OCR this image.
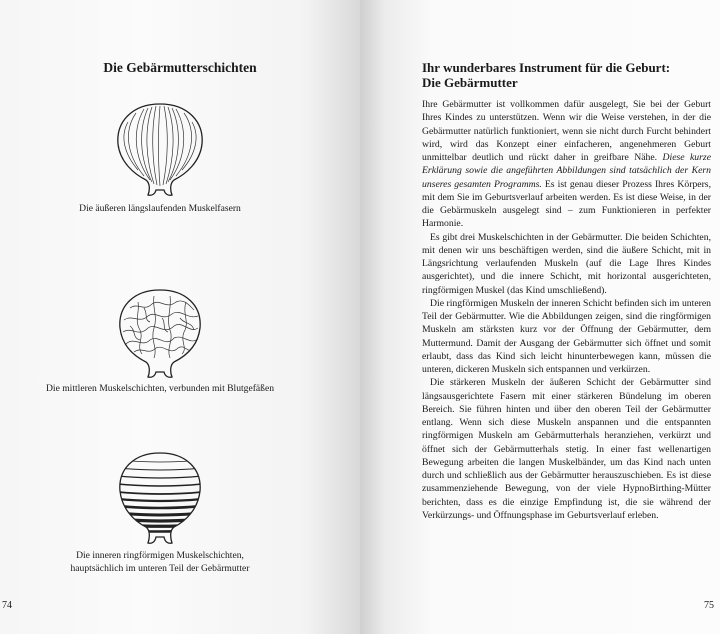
Die Gebärmutterschichten
Die äußeren längslaufenden Muskelfasern
Die mittleren Muskelschichten, verbunden mit Blutgefäßen
Die inneren ringförmigen Muskelschichten,
hauptsächlich im unteren Teil der Gebärmutter
74
Ihr wunderbares Instrument für die Geburt:
Die Gebärmutter

Ihre Gebärmutter ist vollkommen dafür ausgelegt, Sie bei der Geburt Ihres Kindes zu unterstützen. Wenn wir die Weise verstehen, in der die Gebärmutter natürlich funktioniert, wenn sie nicht durch Furcht behindert wird, wird das Konzept einer einfacheren, angenehmeren Geburt unmittelbar deutlich und rückt daher in greifbare Nähe. Diese kurze Erklärung sowie die angeführten Abbildungen sind tatsächlich der Kern unseres gesamten Programms. Es ist genau dieser Prozess Ihres Körpers, mit dem Sie im Geburtsverlauf arbeiten werden. Es ist diese Weise, in der die Gebärmuskeln ausgelegt sind – zum Funktionieren in perfekter Harmonie.

Es gibt drei Muskelschichten in der Gebärmutter. Die beiden Schichten, mit denen wir uns beschäftigen werden, sind die äußere Schicht, mit in Längsrichtung verlaufenden Muskeln (auf die Lage Ihres Kindes ausgerichtet), und die innere Schicht, mit horizontal ausgerichteten, ringförmigen Muskel (das Kind umschließend).

Die ringförmigen Muskeln der inneren Schicht befinden sich im unteren Teil der Gebärmutter. Wie die Abbildungen zeigen, sind die ringförmigen Muskeln am stärksten kurz vor der Öffnung der Gebärmutter, dem Muttermund. Damit der Ausgang der Gebärmutter sich öffnet und somit erlaubt, dass das Kind sich leicht hinunterbewegen kann, müssen die unteren, dickeren Muskeln sich entspannen und verkürzen.

Die stärkeren Muskeln der äußeren Schicht der Gebärmutter sind längsausgerichtete Fasern mit einer stärkeren Bündelung im oberen Bereich. Sie führen hinten und über den oberen Teil der Gebärmutter entlang. Wenn sich diese Muskeln anspannen und die entspannten ringförmigen Muskeln am Gebärmutterhals heranziehen, verkürzt und öffnet sich der Gebärmutterhals stetig. In einer fast wellenartigen Bewegung arbeiten die langen Muskelbänder, um das Kind nach unten durch und schließlich aus der Gebärmutter herauszuschieben. Es ist diese zusammenziehende Bewegung, von der viele HypnoBirthing-Mütter berichten, dass es die einzige Empfindung ist, die sie während der Verkürzungs- und Öffnungsphase im Geburtsverlauf erleben.

75
